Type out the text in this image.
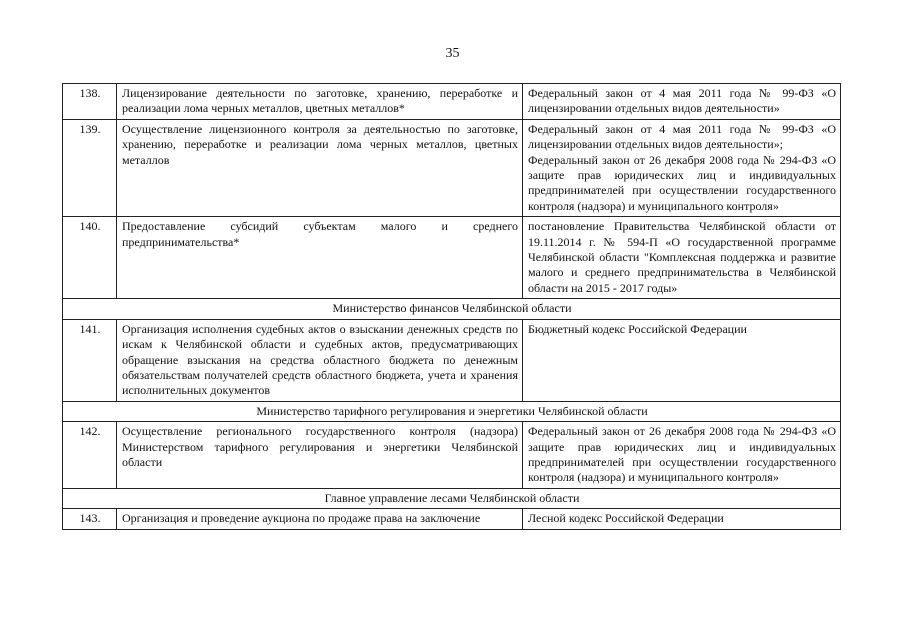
35
138.	Лицензирование деятельности по заготовке, хранению, переработке и реализации лома черных металлов, цветных металлов*	Федеральный закон от 4 мая 2011 года № 99-ФЗ «О лицензировании отдельных видов деятельности»

139.	Осуществление лицензионного контроля за деятельностью по заготовке, хранению, переработке и реализации лома черных металлов, цветных металлов	Федеральный закон от 4 мая 2011 года № 99-ФЗ «О лицензировании отдельных видов деятельности»;
Федеральный закон от 26 декабря 2008 года № 294-ФЗ «О защите прав юридических лиц и индивидуальных предпринимателей при осуществлении государственного контроля (надзора) и муниципального контроля»

140.	Предоставление субсидий субъектам малого и среднего предпринимательства*	постановление Правительства Челябинской области от 19.11.2014 г. № 594-П «О государственной программе Челябинской области "Комплексная поддержка и развитие малого и среднего предпринимательства в Челябинской области на 2015 - 2017 годы»

Министерство финансов Челябинской области		
141.	Организация исполнения судебных актов о взыскании денежных средств по искам к Челябинской области и судебных актов, предусматривающих обращение взыскания на средства областного бюджета по денежным обязательствам получателей средств областного бюджета, учета и хранения исполнительных документов	Бюджетный кодекс Российской Федерации

Министерство тарифного регулирования и энергетики Челябинской области		
142.	Осуществление регионального государственного контроля (надзора) Министерством тарифного регулирования и энергетики Челябинской области	Федеральный закон от 26 декабря 2008 года № 294-ФЗ «О защите прав юридических лиц и индивидуальных предпринимателей при осуществлении государственного контроля (надзора) и муниципального контроля»

Главное управление лесами Челябинской области		
143.	Организация и проведение аукциона по продаже права на заключение	Лесной кодекс Российской Федерации
